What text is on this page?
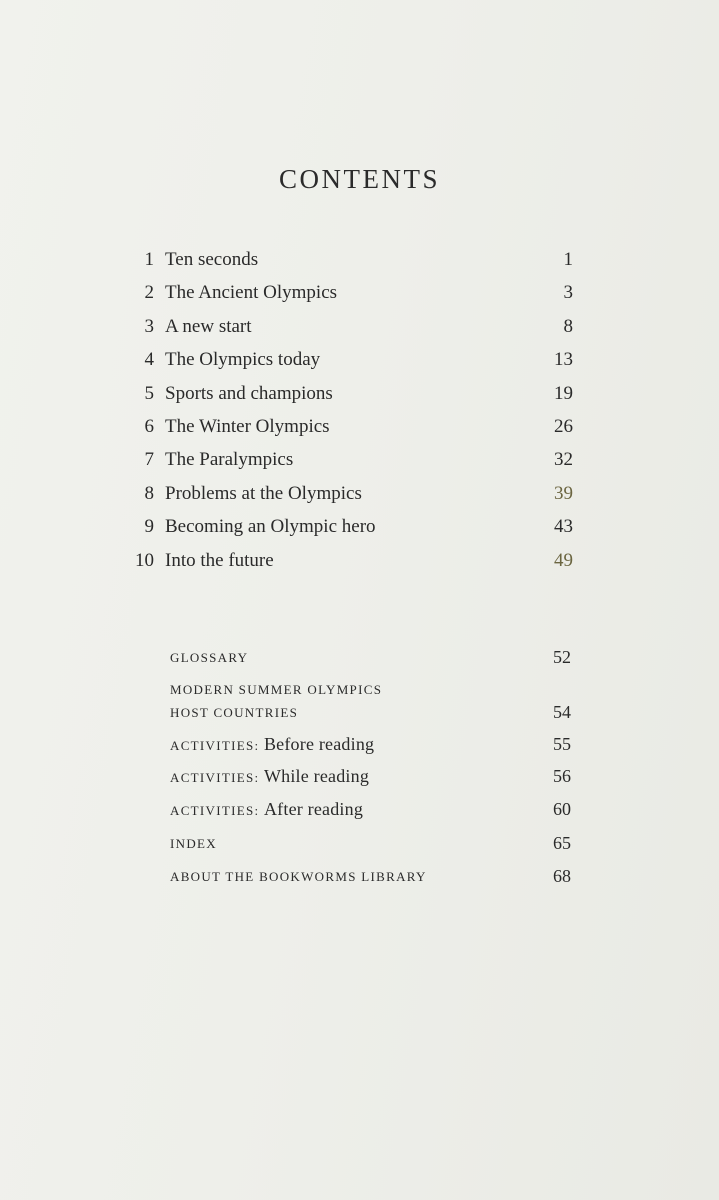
CONTENTS
1 Ten seconds	1
2 The Ancient Olympics	3
3 A new start	8
4 The Olympics today	13
5 Sports and champions	19
6 The Winter Olympics	26
7 The Paralympics	32
8 Problems at the Olympics	39
9 Becoming an Olympic hero	43
10 Into the future	49
GLOSSARY	52
MODERN SUMMER OLYMPICS
HOST COUNTRIES	54
ACTIVITIES: Before reading	55
ACTIVITIES: While reading	56
ACTIVITIES: After reading	60
INDEX	65
ABOUT THE BOOKWORMS LIBRARY	68
